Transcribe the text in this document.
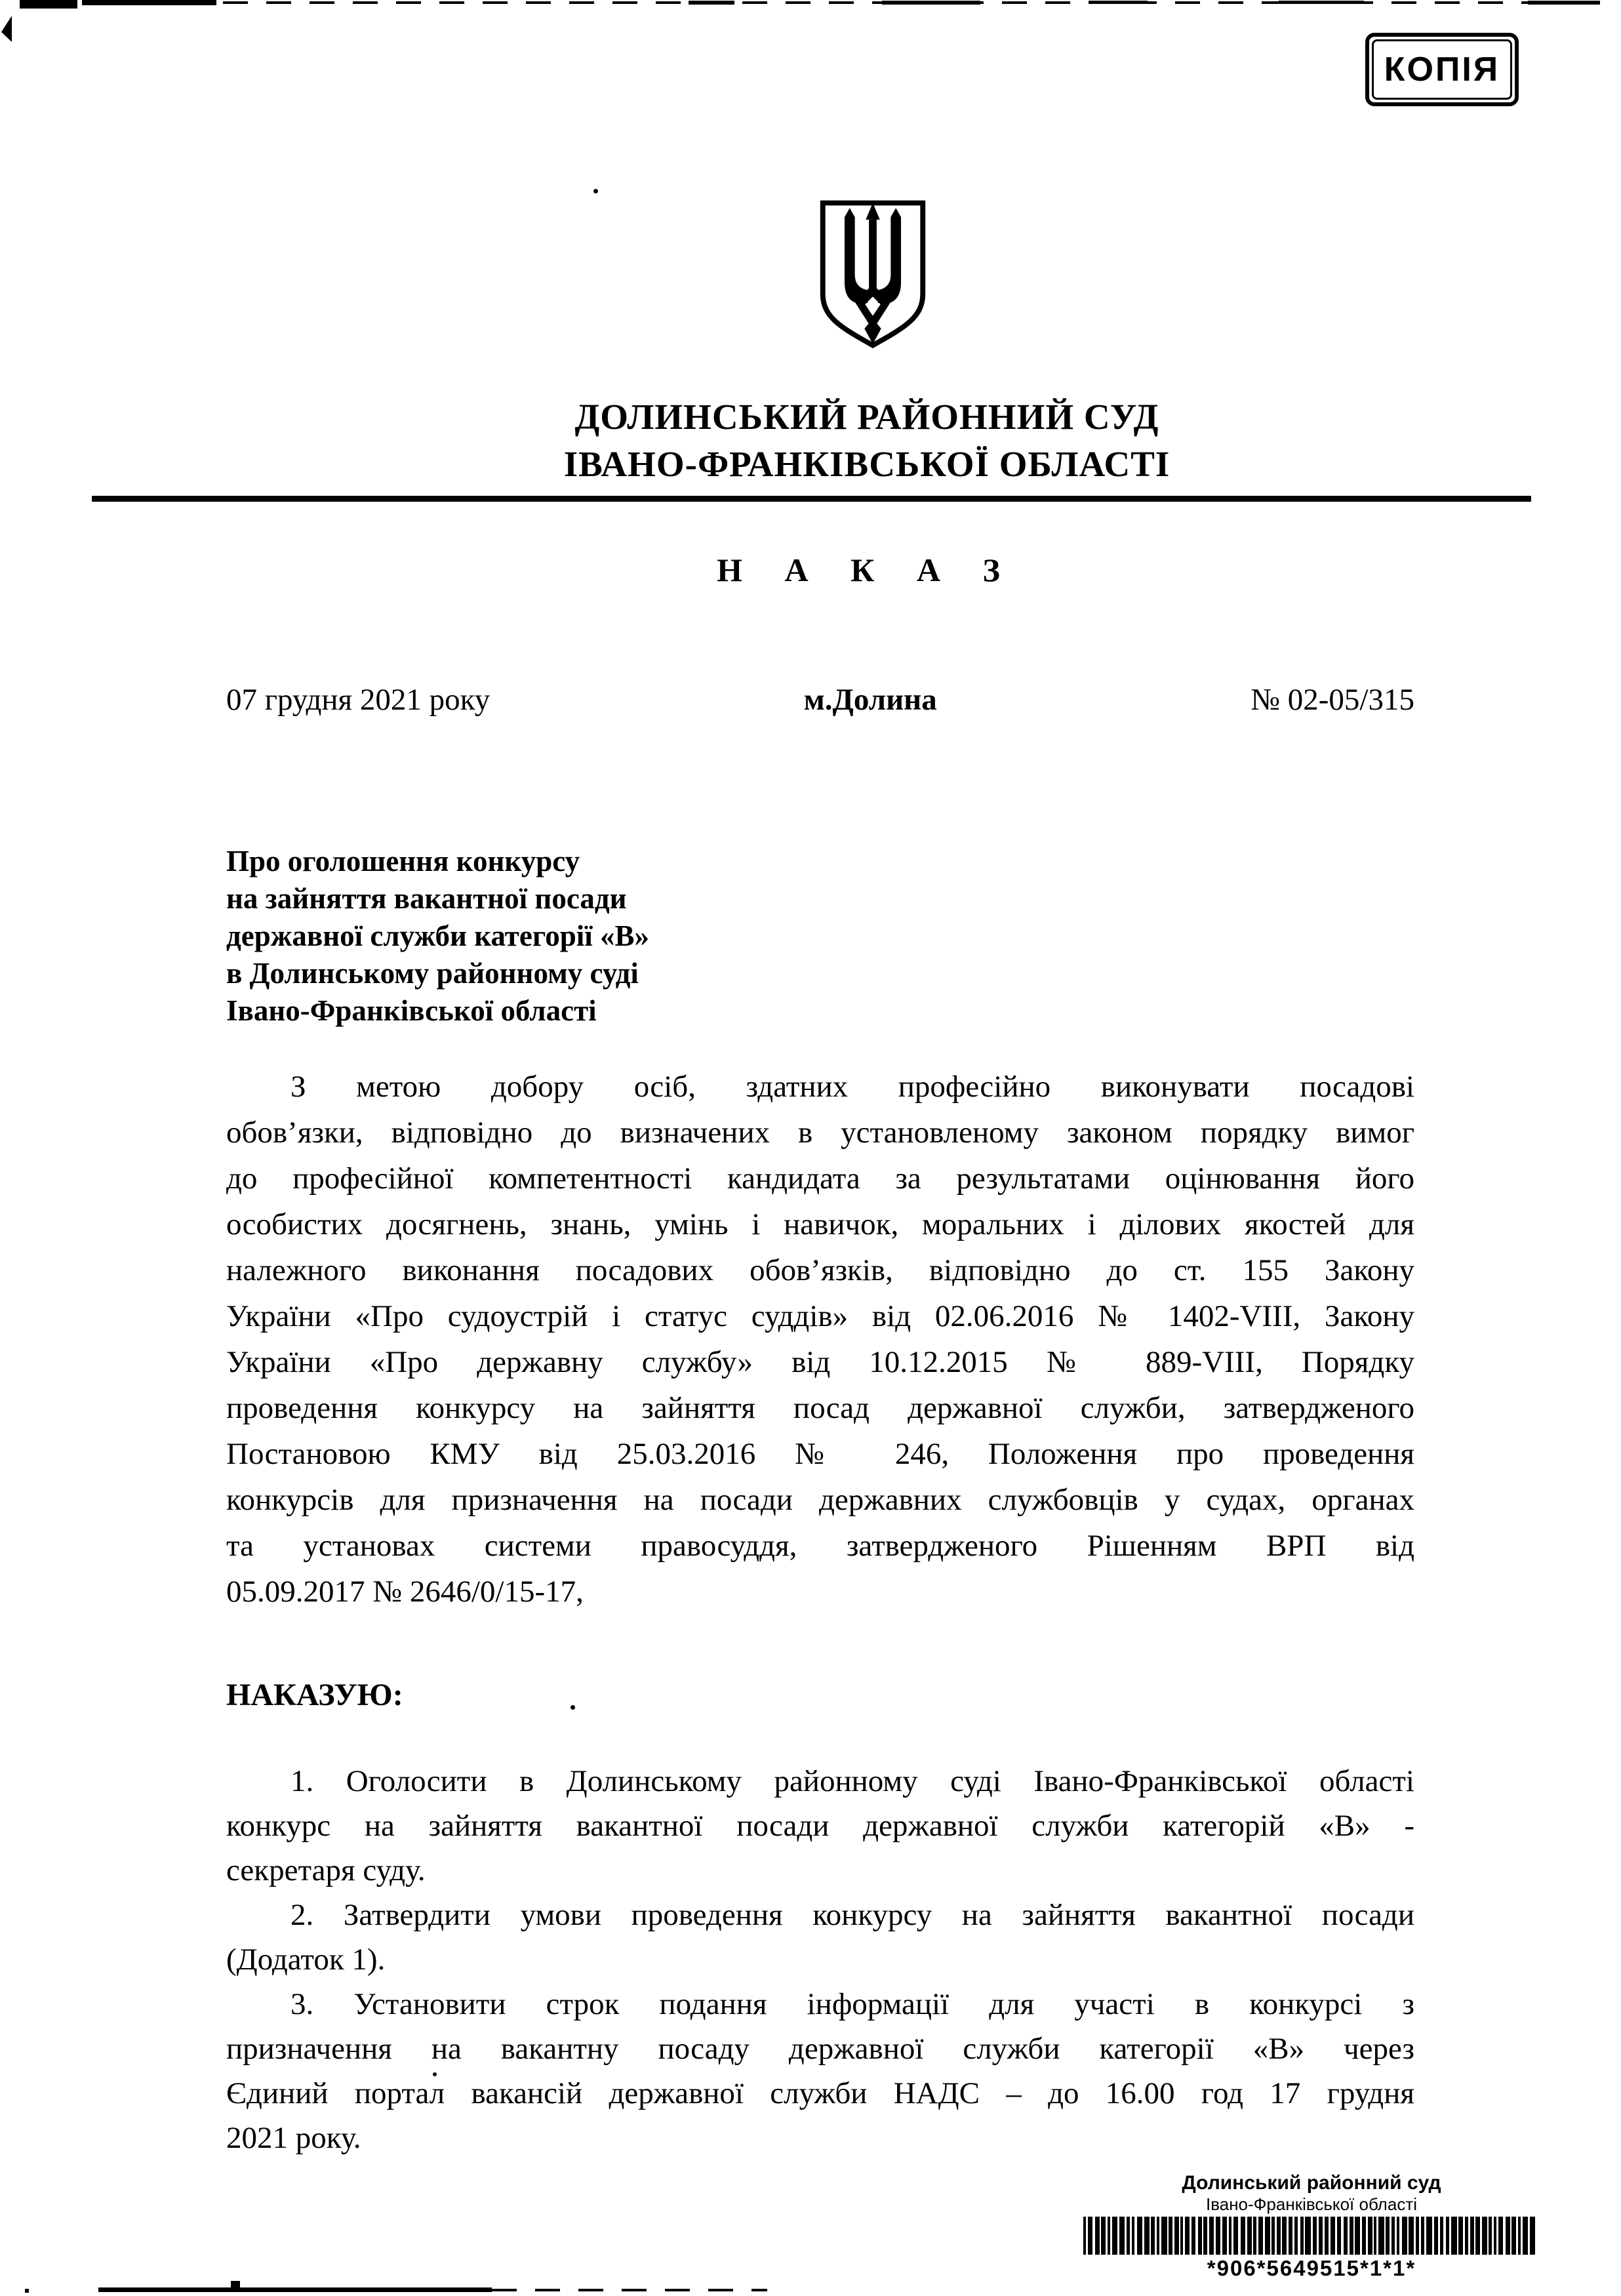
КОПІЯ
ДОЛИНСЬКИЙ РАЙОННИЙ СУД
ІВАНО-ФРАНКІВСЬКОЇ ОБЛАСТІ
Н А К А З
07 грудня 2021 року	м.Долина	№ 02-05/315
Про оголошення конкурсу
на зайняття вакантної посади
державної служби категорії «В»
в Долинському районному суді
Івано-Франківської області
З метою добору осіб, здатних професійно виконувати посадові
обов’язки, відповідно до визначених в установленому законом порядку вимог
до професійної компетентності кандидата за результатами оцінювання його
особистих досягнень, знань, умінь і навичок, моральних і ділових якостей для
належного виконання посадових обов’язків, відповідно до ст. 155 Закону
України «Про судоустрій і статус суддів» від 02.06.2016 № 1402-VIII, Закону
України «Про державну службу» від 10.12.2015 № 889-VIII, Порядку
проведення конкурсу на зайняття посад державної служби, затвердженого
Постановою КМУ від 25.03.2016 № 246, Положення про проведення
конкурсів для призначення на посади державних службовців у судах, органах
та установах системи правосуддя, затвердженого Рішенням ВРП від
05.09.2017 № 2646/0/15-17,
НАКАЗУЮ:
1. Оголосити в Долинському районному суді Івано-Франківської області
конкурс на зайняття вакантної посади державної служби категорій «В» -
секретаря суду.
2. Затвердити умови проведення конкурсу на зайняття вакантної посади
(Додаток 1).
3. Установити строк подання інформації для участі в конкурсі з
призначення на вакантну посаду державної служби категорії «В» через
Єдиний портал вакансій державної служби НАДС – до 16.00 год 17 грудня
2021 року.
Долинський районний суд
Івано-Франківської області
*906*5649515*1*1*
